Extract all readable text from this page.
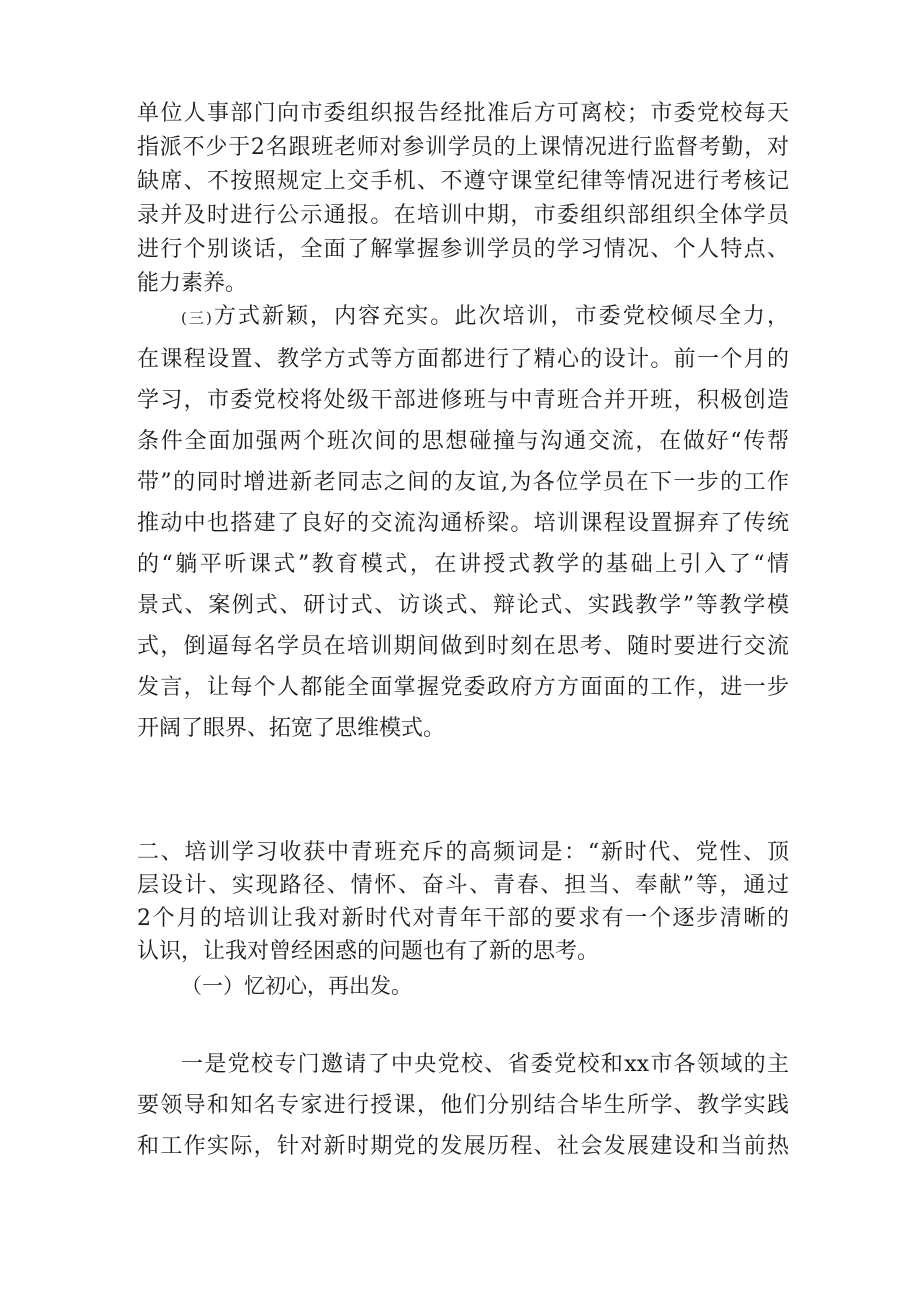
单位人事部门向市委组织报告经批准后方可离校；市委党校每天
指派不少于2名跟班老师对参训学员的上课情况进行监督考勤，对
缺席、不按照规定上交手机、不遵守课堂纪律等情况进行考核记
录并及时进行公示通报。在培训中期，市委组织部组织全体学员
进行个别谈话，全面了解掌握参训学员的学习情况、个人特点、
能力素养。
(三)方式新颖，内容充实。此次培训，市委党校倾尽全力，
在课程设置、教学方式等方面都进行了精心的设计。前一个月的
学习，市委党校将处级干部进修班与中青班合并开班，积极创造
条件全面加强两个班次间的思想碰撞与沟通交流，在做好“传帮
带”的同时增进新老同志之间的友谊,为各位学员在下一步的工作
推动中也搭建了良好的交流沟通桥梁。培训课程设置摒弃了传统
的“躺平听课式”教育模式，在讲授式教学的基础上引入了“情
景式、案例式、研讨式、访谈式、辩论式、实践教学”等教学模
式，倒逼每名学员在培训期间做到时刻在思考、随时要进行交流
发言，让每个人都能全面掌握党委政府方方面面的工作，进一步
开阔了眼界、拓宽了思维模式。
二、培训学习收获中青班充斥的高频词是：“新时代、党性、顶
层设计、实现路径、情怀、奋斗、青春、担当、奉献”等，通过
2个月的培训让我对新时代对青年干部的要求有一个逐步清晰的
认识，让我对曾经困惑的问题也有了新的思考。
（一）忆初心，再出发。
一是党校专门邀请了中央党校、省委党校和xx市各领域的主
要领导和知名专家进行授课，他们分别结合毕生所学、教学实践
和工作实际，针对新时期党的发展历程、社会发展建设和当前热
